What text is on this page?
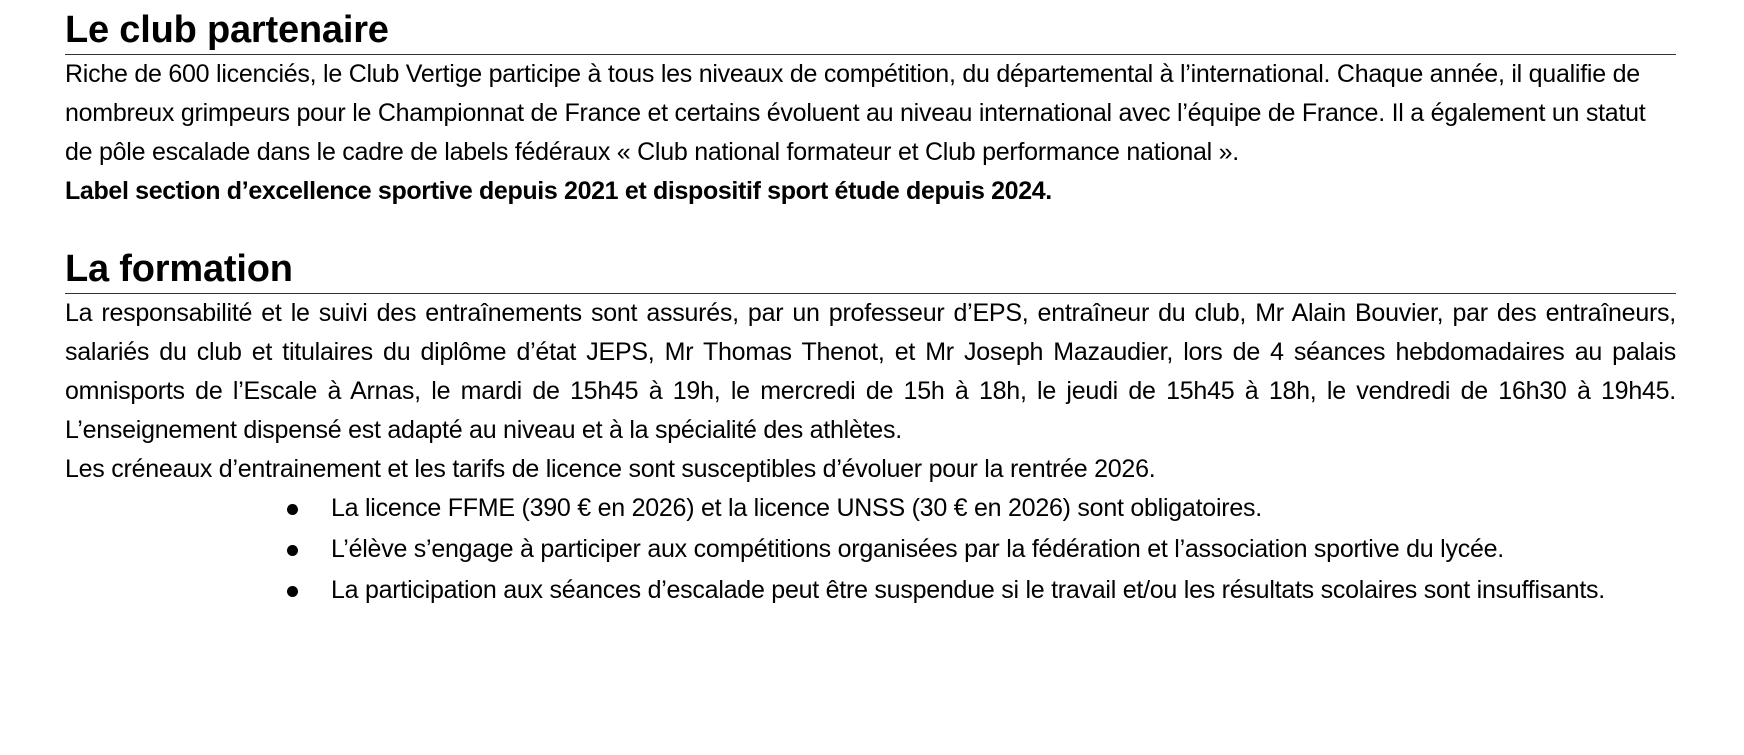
Le club partenaire

Riche de 600 licenciés, le Club Vertige participe à tous les niveaux de compétition, du départemental à l’international. Chaque année, il qualifie de nombreux grimpeurs pour le Championnat de France et certains évoluent au niveau international avec l’équipe de France. Il a également un statut de pôle escalade dans le cadre de labels fédéraux « Club national formateur et Club performance national ».

Label section d’excellence sportive depuis 2021 et dispositif sport étude depuis 2024.

La formation

La responsabilité et le suivi des entraînements sont assurés, par un professeur d’EPS, entraîneur du club, Mr Alain Bouvier, par des entraîneurs, salariés du club et titulaires du diplôme d’état JEPS, Mr Thomas Thenot, et Mr Joseph Mazaudier, lors de 4 séances hebdomadaires au palais omnisports de l’Escale à Arnas, le mardi de 15h45 à 19h, le mercredi de 15h à 18h, le jeudi de 15h45 à 18h, le vendredi de 16h30 à 19h45. L’enseignement dispensé est adapté au niveau et à la spécialité des athlètes.

Les créneaux d’entrainement et les tarifs de licence sont susceptibles d’évoluer pour la rentrée 2026.

La licence FFME (390 € en 2026) et la licence UNSS (30 € en 2026) sont obligatoires.
L’élève s’engage à participer aux compétitions organisées par la fédération et l’association sportive du lycée.
La participation aux séances d’escalade peut être suspendue si le travail et/ou les résultats scolaires sont insuffisants.
